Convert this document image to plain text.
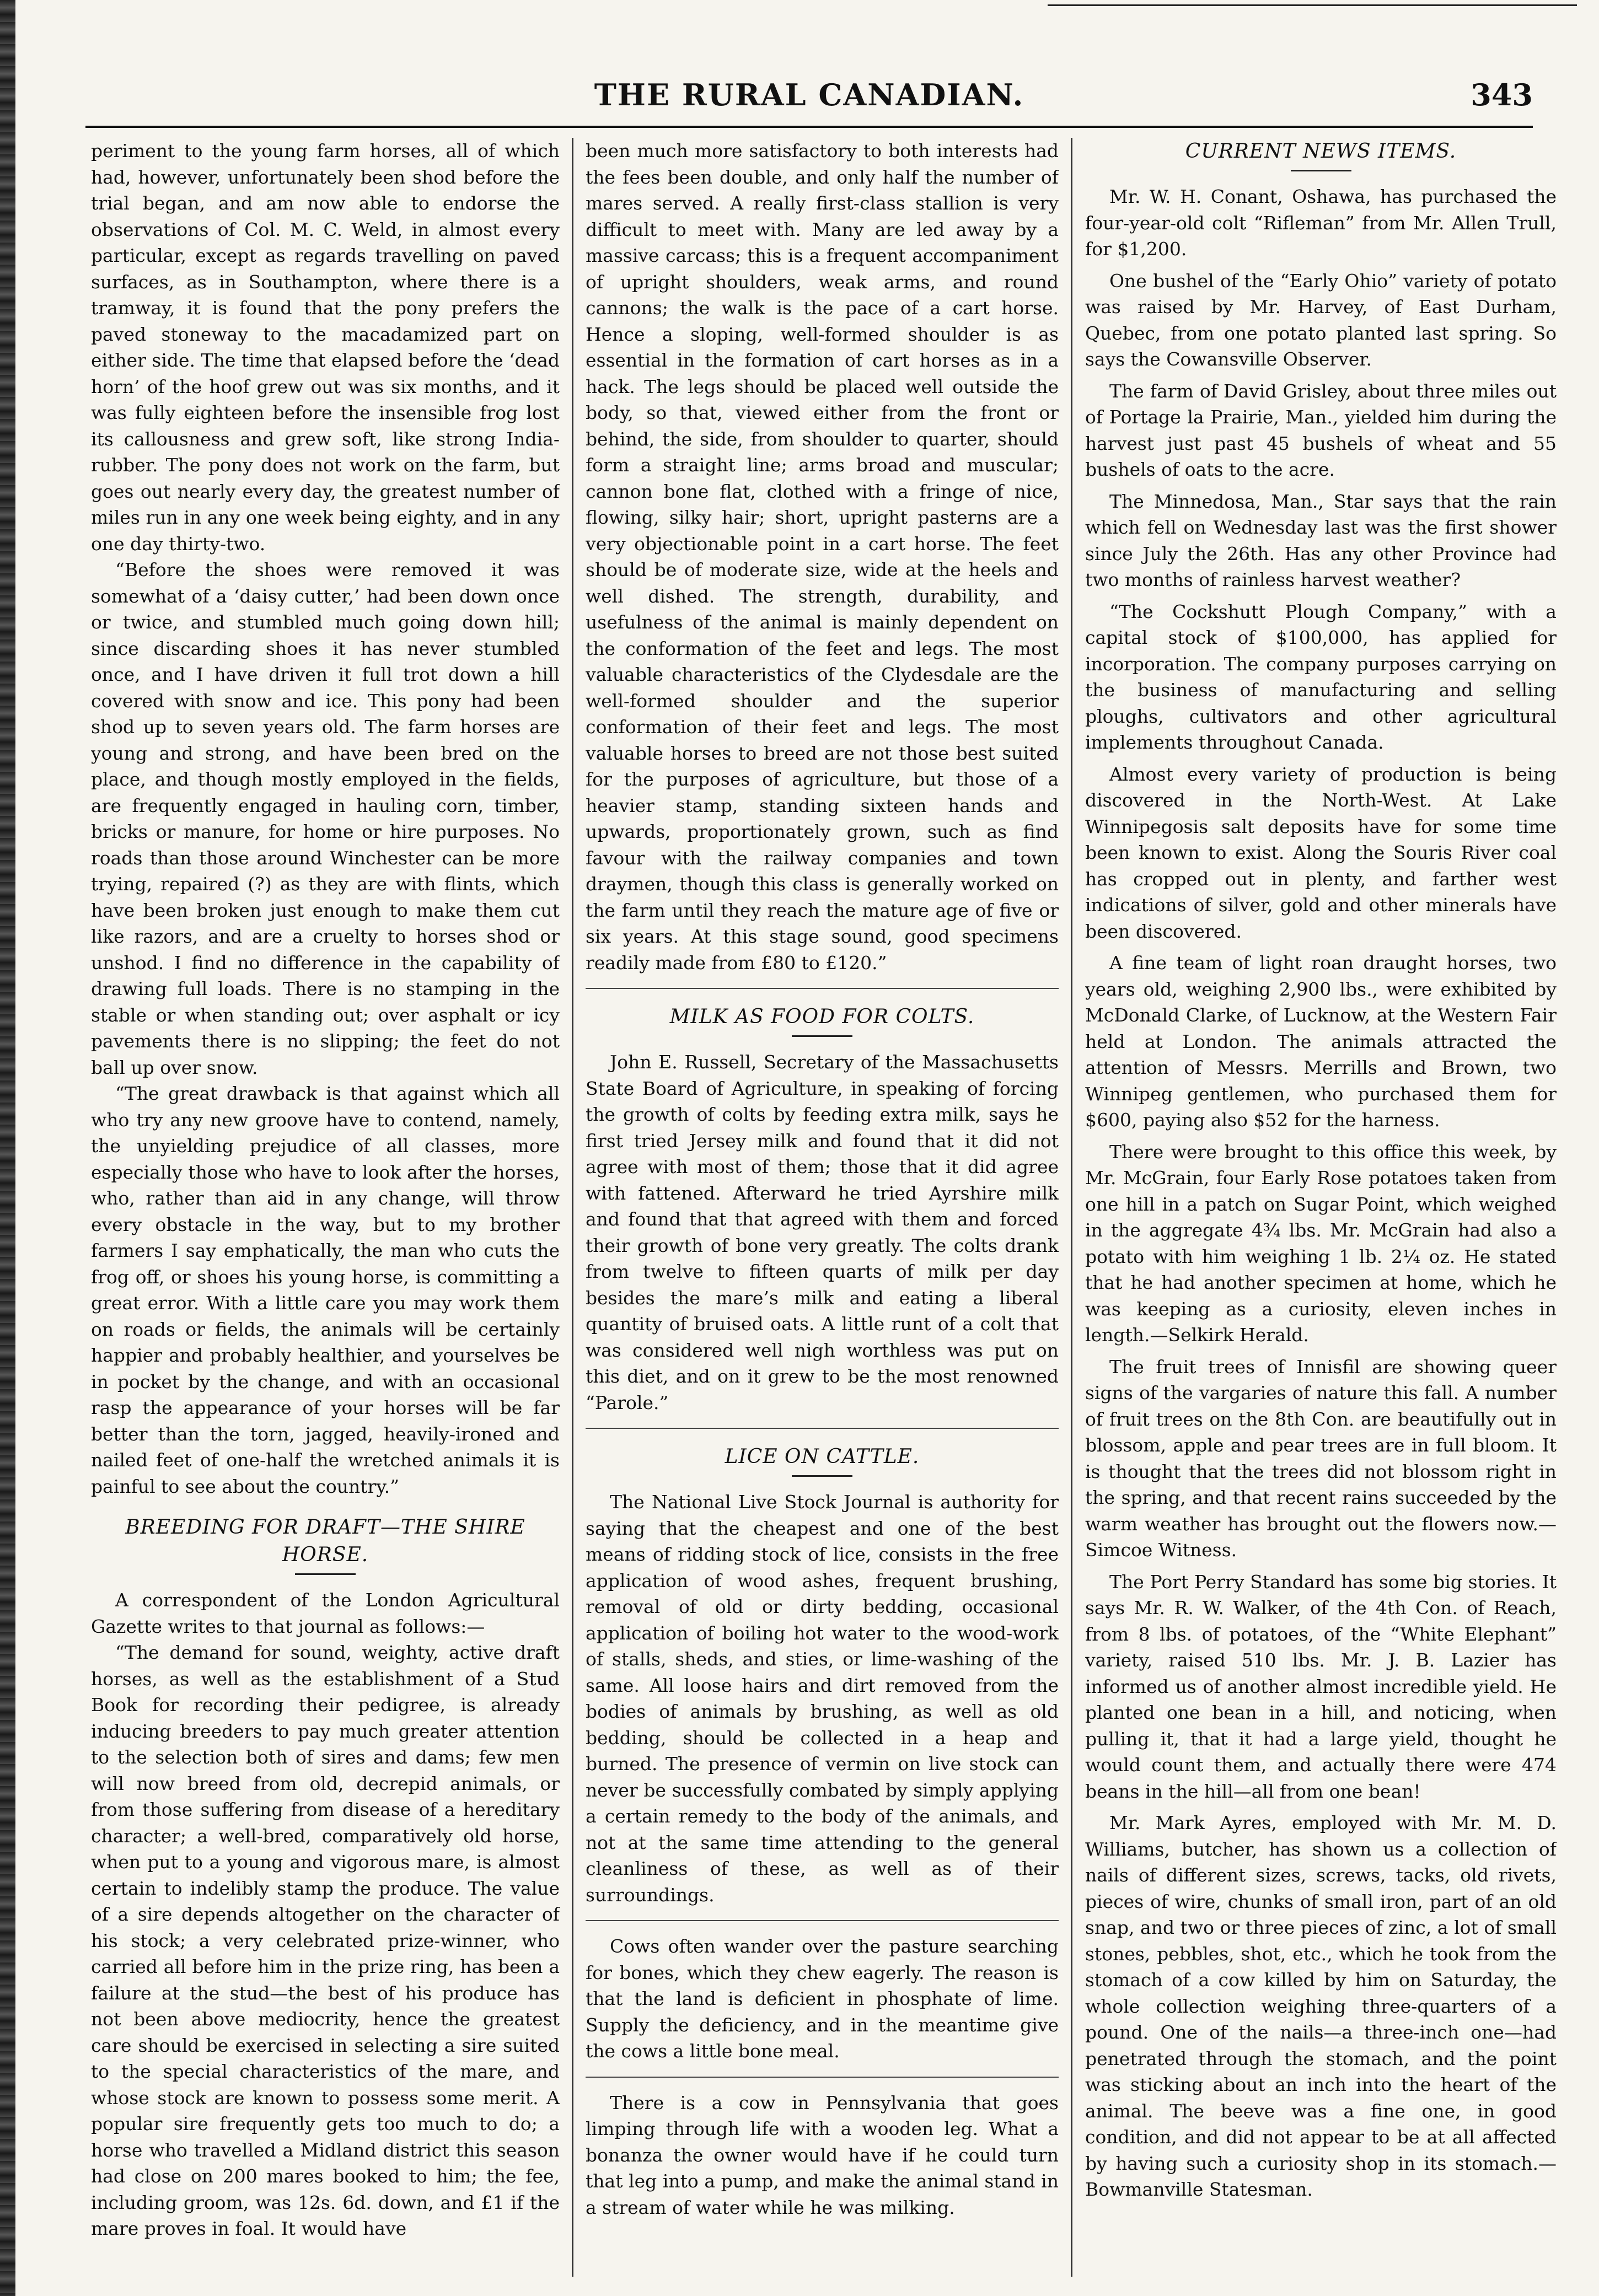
THE RURAL CANADIAN.	343

periment to the young farm horses, all of which had, however, unfortunately been shod before the trial began, and am now able to endorse the observations of Col. M. C. Weld, in almost every particular, except as regards travelling on paved surfaces, as in Southampton, where there is a tramway, it is found that the pony prefers the paved stoneway to the macadamized part on either side. The time that elapsed before the ‘dead horn’ of the hoof grew out was six months, and it was fully eighteen before the insensible frog lost its callousness and grew soft, like strong India-rubber. The pony does not work on the farm, but goes out nearly every day, the greatest number of miles run in any one week being eighty, and in any one day thirty-two.

“Before the shoes were removed it was somewhat of a ‘daisy cutter,’ had been down once or twice, and stumbled much going down hill; since discarding shoes it has never stumbled once, and I have driven it full trot down a hill covered with snow and ice. This pony had been shod up to seven years old. The farm horses are young and strong, and have been bred on the place, and though mostly employed in the fields, are frequently engaged in hauling corn, timber, bricks or manure, for home or hire purposes. No roads than those around Winchester can be more trying, repaired (?) as they are with flints, which have been broken just enough to make them cut like razors, and are a cruelty to horses shod or unshod. I find no difference in the capability of drawing full loads. There is no stamping in the stable or when standing out; over asphalt or icy pavements there is no slipping; the feet do not ball up over snow.

“The great drawback is that against which all who try any new groove have to contend, namely, the unyielding prejudice of all classes, more especially those who have to look after the horses, who, rather than aid in any change, will throw every obstacle in the way, but to my brother farmers I say emphatically, the man who cuts the frog off, or shoes his young horse, is committing a great error. With a little care you may work them on roads or fields, the animals will be certainly happier and probably healthier, and yourselves be in pocket by the change, and with an occasional rasp the appearance of your horses will be far better than the torn, jagged, heavily-ironed and nailed feet of one-half the wretched animals it is painful to see about the country.”

BREEDING FOR DRAFT—THE SHIRE HORSE.

A correspondent of the London Agricultural Gazette writes to that journal as follows:—

“The demand for sound, weighty, active draft horses, as well as the establishment of a Stud Book for recording their pedigree, is already inducing breeders to pay much greater attention to the selection both of sires and dams; few men will now breed from old, decrepid animals, or from those suffering from disease of a hereditary character; a well-bred, comparatively old horse, when put to a young and vigorous mare, is almost certain to indelibly stamp the produce. The value of a sire depends altogether on the character of his stock; a very celebrated prize-winner, who carried all before him in the prize ring, has been a failure at the stud—the best of his produce has not been above mediocrity, hence the greatest care should be exercised in selecting a sire suited to the special characteristics of the mare, and whose stock are known to possess some merit. A popular sire frequently gets too much to do; a horse who travelled a Midland district this season had close on 200 mares booked to him; the fee, including groom, was 12s. 6d. down, and £1 if the mare proves in foal. It would have

been much more satisfactory to both interests had the fees been double, and only half the number of mares served. A really first-class stallion is very difficult to meet with. Many are led away by a massive carcass; this is a frequent accompaniment of upright shoulders, weak arms, and round cannons; the walk is the pace of a cart horse. Hence a sloping, well-formed shoulder is as essential in the formation of cart horses as in a hack. The legs should be placed well outside the body, so that, viewed either from the front or behind, the side, from shoulder to quarter, should form a straight line; arms broad and muscular; cannon bone flat, clothed with a fringe of nice, flowing, silky hair; short, upright pasterns are a very objectionable point in a cart horse. The feet should be of moderate size, wide at the heels and well dished. The strength, durability, and usefulness of the animal is mainly dependent on the conformation of the feet and legs. The most valuable characteristics of the Clydesdale are the well-formed shoulder and the superior conformation of their feet and legs. The most valuable horses to breed are not those best suited for the purposes of agriculture, but those of a heavier stamp, standing sixteen hands and upwards, proportionately grown, such as find favour with the railway companies and town draymen, though this class is generally worked on the farm until they reach the mature age of five or six years. At this stage sound, good specimens readily made from £80 to £120.”

MILK AS FOOD FOR COLTS.

John E. Russell, Secretary of the Massachusetts State Board of Agriculture, in speaking of forcing the growth of colts by feeding extra milk, says he first tried Jersey milk and found that it did not agree with most of them; those that it did agree with fattened. Afterward he tried Ayrshire milk and found that that agreed with them and forced their growth of bone very greatly. The colts drank from twelve to fifteen quarts of milk per day besides the mare’s milk and eating a liberal quantity of bruised oats. A little runt of a colt that was considered well nigh worthless was put on this diet, and on it grew to be the most renowned “Parole.”

LICE ON CATTLE.

The National Live Stock Journal is authority for saying that the cheapest and one of the best means of ridding stock of lice, consists in the free application of wood ashes, frequent brushing, removal of old or dirty bedding, occasional application of boiling hot water to the wood-work of stalls, sheds, and sties, or lime-washing of the same. All loose hairs and dirt removed from the bodies of animals by brushing, as well as old bedding, should be collected in a heap and burned. The presence of vermin on live stock can never be successfully combated by simply applying a certain remedy to the body of the animals, and not at the same time attending to the general cleanliness of these, as well as of their surroundings.

Cows often wander over the pasture searching for bones, which they chew eagerly. The reason is that the land is deficient in phosphate of lime. Supply the deficiency, and in the meantime give the cows a little bone meal.

There is a cow in Pennsylvania that goes limping through life with a wooden leg. What a bonanza the owner would have if he could turn that leg into a pump, and make the animal stand in a stream of water while he was milking.

CURRENT NEWS ITEMS.

Mr. W. H. Conant, Oshawa, has purchased the four-year-old colt “Rifleman” from Mr. Allen Trull, for $1,200.

One bushel of the “Early Ohio” variety of potato was raised by Mr. Harvey, of East Durham, Quebec, from one potato planted last spring. So says the Cowansville Observer.

The farm of David Grisley, about three miles out of Portage la Prairie, Man., yielded him during the harvest just past 45 bushels of wheat and 55 bushels of oats to the acre.

The Minnedosa, Man., Star says that the rain which fell on Wednesday last was the first shower since July the 26th. Has any other Province had two months of rainless harvest weather?

“The Cockshutt Plough Company,” with a capital stock of $100,000, has applied for incorporation. The company purposes carrying on the business of manufacturing and selling ploughs, cultivators and other agricultural implements throughout Canada.

Almost every variety of production is being discovered in the North-West. At Lake Winnipegosis salt deposits have for some time been known to exist. Along the Souris River coal has cropped out in plenty, and farther west indications of silver, gold and other minerals have been discovered.

A fine team of light roan draught horses, two years old, weighing 2,900 lbs., were exhibited by McDonald Clarke, of Lucknow, at the Western Fair held at London. The animals attracted the attention of Messrs. Merrills and Brown, two Winnipeg gentlemen, who purchased them for $600, paying also $52 for the harness.

There were brought to this office this week, by Mr. McGrain, four Early Rose potatoes taken from one hill in a patch on Sugar Point, which weighed in the aggregate 4¾ lbs. Mr. McGrain had also a potato with him weighing 1 lb. 2¼ oz. He stated that he had another specimen at home, which he was keeping as a curiosity, eleven inches in length.—Selkirk Herald.

The fruit trees of Innisfil are showing queer signs of the vargaries of nature this fall. A number of fruit trees on the 8th Con. are beautifully out in blossom, apple and pear trees are in full bloom. It is thought that the trees did not blossom right in the spring, and that recent rains succeeded by the warm weather has brought out the flowers now.—Simcoe Witness.

The Port Perry Standard has some big stories. It says Mr. R. W. Walker, of the 4th Con. of Reach, from 8 lbs. of potatoes, of the “White Elephant” variety, raised 510 lbs. Mr. J. B. Lazier has informed us of another almost incredible yield. He planted one bean in a hill, and noticing, when pulling it, that it had a large yield, thought he would count them, and actually there were 474 beans in the hill—all from one bean!

Mr. Mark Ayres, employed with Mr. M. D. Williams, butcher, has shown us a collection of nails of different sizes, screws, tacks, old rivets, pieces of wire, chunks of small iron, part of an old snap, and two or three pieces of zinc, a lot of small stones, pebbles, shot, etc., which he took from the stomach of a cow killed by him on Saturday, the whole collection weighing three-quarters of a pound. One of the nails—a three-inch one—had penetrated through the stomach, and the point was sticking about an inch into the heart of the animal. The beeve was a fine one, in good condition, and did not appear to be at all affected by having such a curiosity shop in its stomach.—Bowmanville Statesman.
